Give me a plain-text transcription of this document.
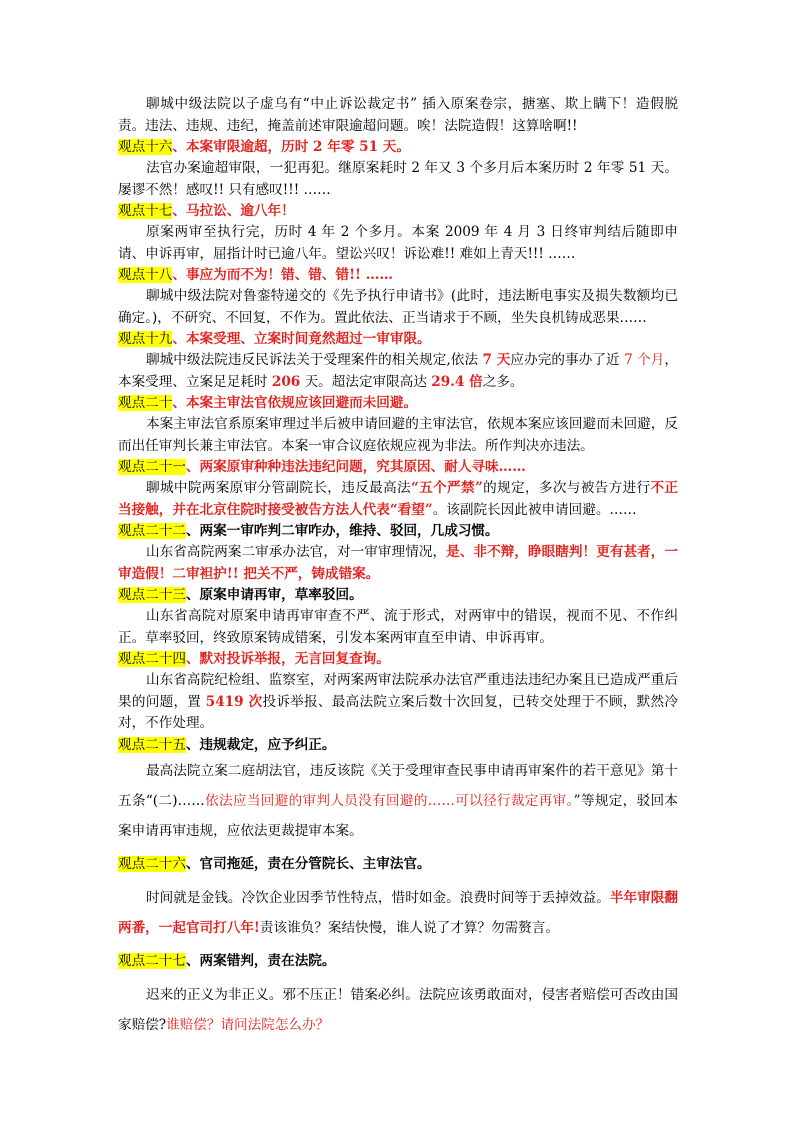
聊城中级法院以子虚乌有“中止诉讼裁定书” 插入原案卷宗，搪塞、欺上瞒下！造假脱责。违法、违规、违纪，掩盖前述审限逾超问题。唉！法院造假！这算啥啊!!

观点十六、本案审限逾超，历时 2 年零 51 天。

法官办案逾超审限，一犯再犯。继原案耗时 2 年又 3 个多月后本案历时 2 年零 51 天。屡谬不然！感叹!! 只有感叹!!! ……

观点十七、马拉讼、逾八年！

原案两审至执行完，历时 4 年 2 个多月。本案 2009 年 4 月 3 日终审判结后随即申请、申诉再审，屈指计时已逾八年。望讼兴叹！诉讼难!! 难如上青天!!! ……

观点十八、事应为而不为！错、错、错!! ……

聊城中级法院对鲁銮特递交的《先予执行申请书》(此时，违法断电事实及损失数额均已确定。)，不研究、不回复，不作为。置此依法、正当请求于不顾，坐失良机铸成恶果……

观点十九、本案受理、立案时间竟然超过一审审限。

聊城中级法院违反民诉法关于受理案件的相关规定,依法 7 天应办完的事办了近 7 个月，本案受理、立案足足耗时 206 天。超法定审限高达 29.4 倍之多。

观点二十、本案主审法官依规应该回避而未回避。

本案主审法官系原案审理过半后被申请回避的主审法官，依规本案应该回避而未回避，反而出任审判长兼主审法官。本案一审合议庭依规应视为非法。所作判决亦违法。

观点二十一、两案原审种种违法违纪问题，究其原因、耐人寻味……

聊城中院两案原审分管副院长，违反最高法“五个严禁”的规定，多次与被告方进行不正当接触，并在北京住院时接受被告方法人代表“看望”。该副院长因此被申请回避。……

观点二十二、两案一审咋判二审咋办，维持、驳回，几成习惯。

山东省高院两案二审承办法官，对一审审理情况，是、非不辩，睁眼瞎判！更有甚者，一审造假！二审袒护!! 把关不严，铸成错案。

观点二十三、原案申请再审，草率驳回。

山东省高院对原案申请再审审查不严、流于形式，对两审中的错误，视而不见、不作纠正。草率驳回，终致原案铸成错案，引发本案两审直至申请、申诉再审。

观点二十四、默对投诉举报，无言回复查询。

山东省高院纪检组、监察室，对两案两审法院承办法官严重违法违纪办案且已造成严重后果的问题，置 5419 次投诉举报、最高法院立案后数十次回复，已转交处理于不顾，默然冷对，不作处理。

观点二十五、违规裁定，应予纠正。

最高法院立案二庭胡法官，违反该院《关于受理审查民事申请再审案件的若干意见》第十五条“(二)……依法应当回避的审判人员没有回避的……可以径行裁定再审。”等规定，驳回本案申请再审违规，应依法更裁提审本案。

观点二十六、官司拖延，责在分管院长、主审法官。

时间就是金钱。冷饮企业因季节性特点，惜时如金。浪费时间等于丢掉效益。半年审限翻两番，一起官司打八年!责该谁负？案结快慢，谁人说了才算？勿需赘言。

观点二十七、两案错判，责在法院。

迟来的正义为非正义。邪不压正！错案必纠。法院应该勇敢面对，侵害者赔偿可否改由国家赔偿?谁赔偿？请问法院怎么办？
